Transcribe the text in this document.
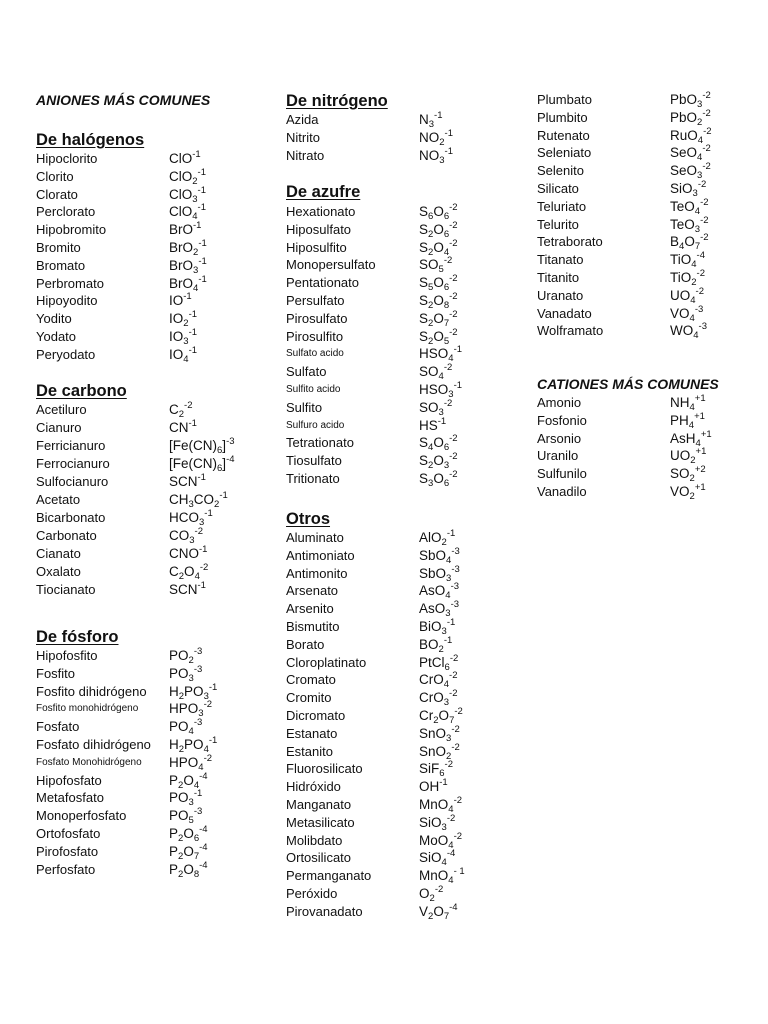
ANIONES MÁS COMUNES
De halógenos
Hipoclorito	ClO$^{-1}$
Clorito	ClO$_2^{-1}$
Clorato	ClO$_3^{-1}$
Perclorato	ClO$_4^{-1}$
Hipobromito	BrO$^{-1}$
Bromito	BrO$_2^{-1}$
Bromato	BrO$_3^{-1}$
Perbromato	BrO$_4^{-1}$
Hipoyodito	$IO^{-1}$
Yodito	$IO_2^{-1}$
Yodato	$IO_3^{-1}$
Peryodato	$IO_4^{-1}$
De carbono
Acetiluro	$C_2^{-2}$
Cianuro	$CN^{-1}$
Ferricianuro	$[Fe(CN)_6]^{-3}$
Ferrocianuro	$[Fe(CN)_6]^{-4}$
Sulfocianuro	$SCN^{-1}$
Acetato	$CH_3CO_2^{-1}$
Bicarbonato	$HCO_3^{-1}$
Carbonato	$CO_3^{-2}$
Cianato	$CNO^{-1}$
Oxalato	$C_2O_4^{-2}$
Tiocianato	$SCN^{-1}$
De fósforo
Hipofosfito	$PO_2^{-3}$
Fosfito	$PO_3^{-3}$
Fosfito dihidrógeno $H_2PO_3^{-1}$
Fosfito monohidrógeno $HPO_3^{-2}$
Fosfato	$PO_4^{-3}$
Fosfato dihidrógeno $H_2PO_4^{-1}$
Fosfato Monohidrógeno $HPO_4^{-2}$
Hipofosfato	$P_2O_4^{-4}$
Metafosfato	$PO_3^{-1}$
Monoperfosfato	$PO_5^{-3}$
Ortofosfato	$P_2O_6^{-4}$
Pirofosfato	$P_2O_7^{-4}$
Perfosfato	$P_2O_8^{-4}$
De nitrógeno
Azida	$N_3^{-1}$
Nitrito	$NO_2^{-1}$
Nitrato	$NO_3^{-1}$
De azufre
Hexationato	$S_6O_6^{-2}$
Hiposulfato	$S_2O_6^{-2}$
Hiposulfito	$S_2O_4^{-2}$
Monopersulfato	$SO_5^{-2}$
Pentationato	$S_5O_6^{-2}$
Persulfato	$S_2O_8^{-2}$
Pirosulfato	$S_2O_7^{-2}$
Pirosulfito	$S_2O_5^{-2}$
Sulfato acido	$HSO_4^{-1}$
Sulfato	$SO_4^{-2}$
Sulfito acido	$HSO_3^{-1}$
Sulfito	$SO_3^{-2}$
Sulfuro acido	$HS^{-1}$
Tetrationato	$S_4O_6^{-2}$
Tiosulfato	$S_2O_3^{-2}$
Tritionato	$S_3O_6^{-2}$
Otros
Aluminato	AlO$_2^{-1}$
Antimoniato	SbO$_4^{-3}$
Antimonito	SbO$_3^{-3}$
Arsenato	AsO$_4^{-3}$
Arsenito	AsO$_3^{-3}$
Bismutito	BiO$_3^{-1}$
Borato	$BO_2^{-1}$
Cloroplatinato	PtCl$_6^{-2}$
Cromato	CrO$_4^{-2}$
Cromito	CrO$_3^{-2}$
Dicromato	$Cr_2O_7^{-2}$
Estanato	SnO$_3^{-2}$
Estanito	SnO$_2^{-2}$
Fluorosilicato	SiF$_6^{-2}$
Hidróxido	$OH^{-1}$
Manganato	MnO$_4^{-2}$
Metasilicato	SiO$_3^{-2}$
Molibdato	MoO$_4^{-2}$
Ortosilicato	SiO$_4^{-4}$
Permanganato	MnO$_4^{- 1}$
Peróxido	$O_2^{-2}$
Pirovanadato	$V_2O_7^{-4}$
Plumbato	PbO$_3^{-2}$
Plumbito	PbO$_2^{-2}$
Rutenato	RuO$_4^{-2}$
Seleniato	SeO$_4^{-2}$
Selenito	SeO$_3^{-2}$
Silicato	SiO$_3^{-2}$
Teluriato	TeO$_4^{-2}$
Telurito	TeO$_3^{-2}$
Tetraborato	$B_4O_7^{-2}$
Titanato	TiO$_4^{-4}$
Titanito	TiO$_2^{-2}$
Uranato	$UO_4^{-2}$
Vanadato	$VO_4^{-3}$
Wolframato	$WO_4^{-3}$
CATIONES MÁS COMUNES
Amonio	$NH_4^{+1}$
Fosfonio	$PH_4^{+1}$
Arsonio	AsH$_4^{+1}$
Uranilo	$UO_2^{+1}$
Sulfunilo	$SO_2^{+2}$
Vanadilo	$VO_2^{+1}$
